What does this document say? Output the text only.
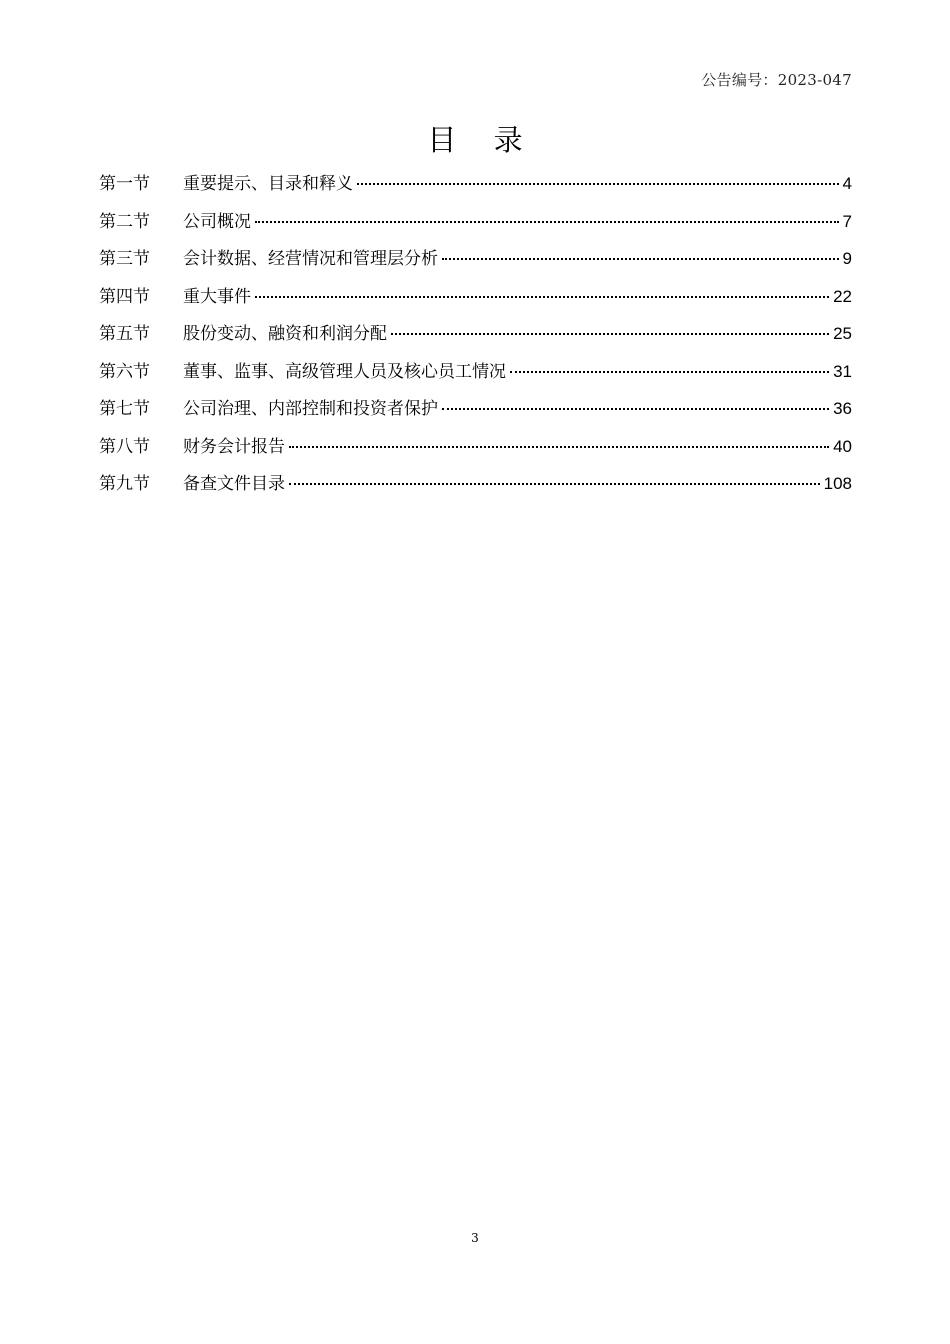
公告编号：2023-047
目 录
第一节	重要提示、目录和释义	4
第二节	公司概况	7
第三节	会计数据、经营情况和管理层分析	9
第四节	重大事件	22
第五节	股份变动、融资和利润分配	25
第六节	董事、监事、高级管理人员及核心员工情况	31
第七节	公司治理、内部控制和投资者保护	36
第八节	财务会计报告	40
第九节	备查文件目录	108
3
